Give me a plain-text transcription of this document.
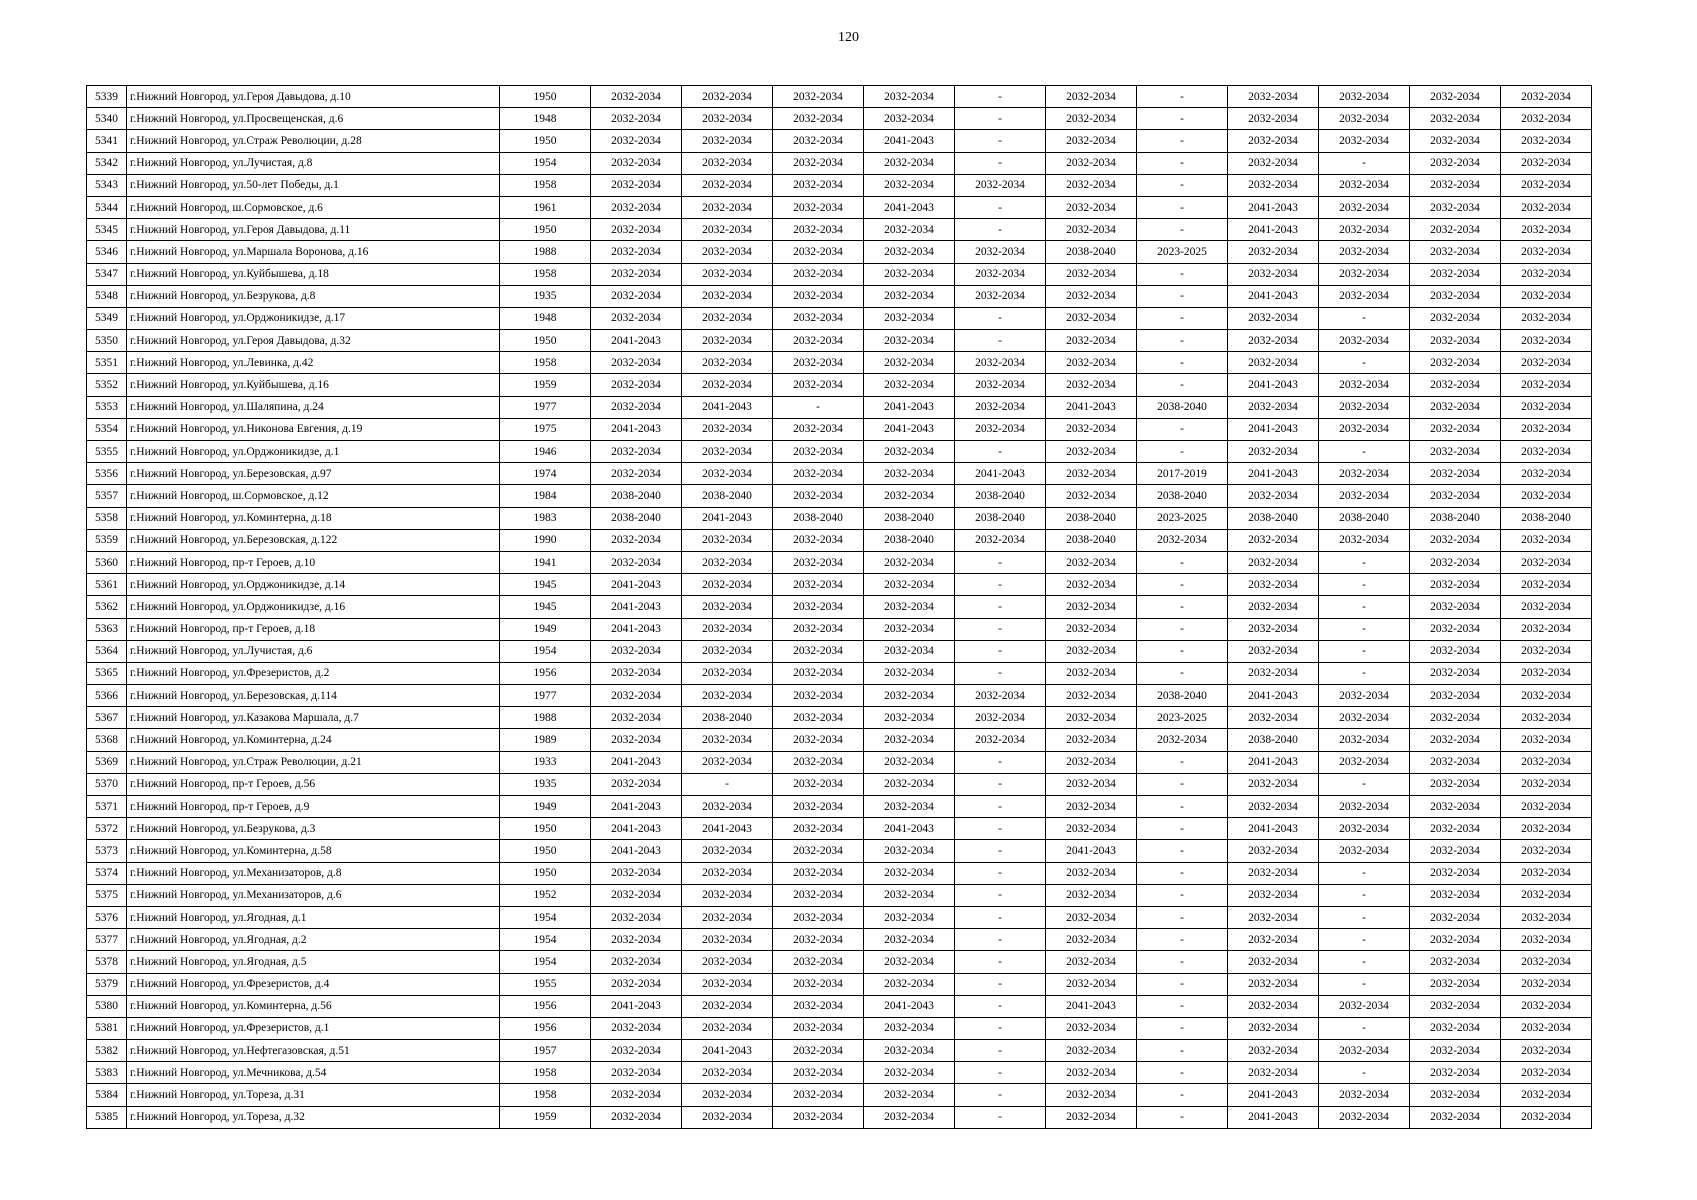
120
5339	г.Нижний Новгород, ул.Героя Давыдова, д.10	1950	2032-2034	2032-2034	2032-2034	2032-2034	-	2032-2034	-	2032-2034	2032-2034	2032-2034	2032-2034
5340	г.Нижний Новгород, ул.Просвещенская, д.6	1948	2032-2034	2032-2034	2032-2034	2032-2034	-	2032-2034	-	2032-2034	2032-2034	2032-2034	2032-2034
5341	г.Нижний Новгород, ул.Страж Революции, д.28	1950	2032-2034	2032-2034	2032-2034	2041-2043	-	2032-2034	-	2032-2034	2032-2034	2032-2034	2032-2034
5342	г.Нижний Новгород, ул.Лучистая, д.8	1954	2032-2034	2032-2034	2032-2034	2032-2034	-	2032-2034	-	2032-2034	-	2032-2034	2032-2034
5343	г.Нижний Новгород, ул.50-лет Победы, д.1	1958	2032-2034	2032-2034	2032-2034	2032-2034	2032-2034	2032-2034	-	2032-2034	2032-2034	2032-2034	2032-2034
5344	г.Нижний Новгород, ш.Сормовское, д.6	1961	2032-2034	2032-2034	2032-2034	2041-2043	-	2032-2034	-	2041-2043	2032-2034	2032-2034	2032-2034
5345	г.Нижний Новгород, ул.Героя Давыдова, д.11	1950	2032-2034	2032-2034	2032-2034	2032-2034	-	2032-2034	-	2041-2043	2032-2034	2032-2034	2032-2034
5346	г.Нижний Новгород, ул.Маршала Воронова, д.16	1988	2032-2034	2032-2034	2032-2034	2032-2034	2032-2034	2038-2040	2023-2025	2032-2034	2032-2034	2032-2034	2032-2034
5347	г.Нижний Новгород, ул.Куйбышева, д.18	1958	2032-2034	2032-2034	2032-2034	2032-2034	2032-2034	2032-2034	-	2032-2034	2032-2034	2032-2034	2032-2034
5348	г.Нижний Новгород, ул.Безрукова, д.8	1935	2032-2034	2032-2034	2032-2034	2032-2034	2032-2034	2032-2034	-	2041-2043	2032-2034	2032-2034	2032-2034
5349	г.Нижний Новгород, ул.Орджоникидзе, д.17	1948	2032-2034	2032-2034	2032-2034	2032-2034	-	2032-2034	-	2032-2034	-	2032-2034	2032-2034
5350	г.Нижний Новгород, ул.Героя Давыдова, д.32	1950	2041-2043	2032-2034	2032-2034	2032-2034	-	2032-2034	-	2032-2034	2032-2034	2032-2034	2032-2034
5351	г.Нижний Новгород, ул.Левинка, д.42	1958	2032-2034	2032-2034	2032-2034	2032-2034	2032-2034	2032-2034	-	2032-2034	-	2032-2034	2032-2034
5352	г.Нижний Новгород, ул.Куйбышева, д.16	1959	2032-2034	2032-2034	2032-2034	2032-2034	2032-2034	2032-2034	-	2041-2043	2032-2034	2032-2034	2032-2034
5353	г.Нижний Новгород, ул.Шаляпина, д.24	1977	2032-2034	2041-2043	-	2041-2043	2032-2034	2041-2043	2038-2040	2032-2034	2032-2034	2032-2034	2032-2034
5354	г.Нижний Новгород, ул.Никонова Евгения, д.19	1975	2041-2043	2032-2034	2032-2034	2041-2043	2032-2034	2032-2034	-	2041-2043	2032-2034	2032-2034	2032-2034
5355	г.Нижний Новгород, ул.Орджоникидзе, д.1	1946	2032-2034	2032-2034	2032-2034	2032-2034	-	2032-2034	-	2032-2034	-	2032-2034	2032-2034
5356	г.Нижний Новгород, ул.Березовская, д.97	1974	2032-2034	2032-2034	2032-2034	2032-2034	2041-2043	2032-2034	2017-2019	2041-2043	2032-2034	2032-2034	2032-2034
5357	г.Нижний Новгород, ш.Сормовское, д.12	1984	2038-2040	2038-2040	2032-2034	2032-2034	2038-2040	2032-2034	2038-2040	2032-2034	2032-2034	2032-2034	2032-2034
5358	г.Нижний Новгород, ул.Коминтерна, д.18	1983	2038-2040	2041-2043	2038-2040	2038-2040	2038-2040	2038-2040	2023-2025	2038-2040	2038-2040	2038-2040	2038-2040
5359	г.Нижний Новгород, ул.Березовская, д.122	1990	2032-2034	2032-2034	2032-2034	2038-2040	2032-2034	2038-2040	2032-2034	2032-2034	2032-2034	2032-2034	2032-2034
5360	г.Нижний Новгород, пр-т Героев, д.10	1941	2032-2034	2032-2034	2032-2034	2032-2034	-	2032-2034	-	2032-2034	-	2032-2034	2032-2034
5361	г.Нижний Новгород, ул.Орджоникидзе, д.14	1945	2041-2043	2032-2034	2032-2034	2032-2034	-	2032-2034	-	2032-2034	-	2032-2034	2032-2034
5362	г.Нижний Новгород, ул.Орджоникидзе, д.16	1945	2041-2043	2032-2034	2032-2034	2032-2034	-	2032-2034	-	2032-2034	-	2032-2034	2032-2034
5363	г.Нижний Новгород, пр-т Героев, д.18	1949	2041-2043	2032-2034	2032-2034	2032-2034	-	2032-2034	-	2032-2034	-	2032-2034	2032-2034
5364	г.Нижний Новгород, ул.Лучистая, д.6	1954	2032-2034	2032-2034	2032-2034	2032-2034	-	2032-2034	-	2032-2034	-	2032-2034	2032-2034
5365	г.Нижний Новгород, ул.Фрезеристов, д.2	1956	2032-2034	2032-2034	2032-2034	2032-2034	-	2032-2034	-	2032-2034	-	2032-2034	2032-2034
5366	г.Нижний Новгород, ул.Березовская, д.114	1977	2032-2034	2032-2034	2032-2034	2032-2034	2032-2034	2032-2034	2038-2040	2041-2043	2032-2034	2032-2034	2032-2034
5367	г.Нижний Новгород, ул.Казакова Маршала, д.7	1988	2032-2034	2038-2040	2032-2034	2032-2034	2032-2034	2032-2034	2023-2025	2032-2034	2032-2034	2032-2034	2032-2034
5368	г.Нижний Новгород, ул.Коминтерна, д.24	1989	2032-2034	2032-2034	2032-2034	2032-2034	2032-2034	2032-2034	2032-2034	2038-2040	2032-2034	2032-2034	2032-2034
5369	г.Нижний Новгород, ул.Страж Революции, д.21	1933	2041-2043	2032-2034	2032-2034	2032-2034	-	2032-2034	-	2041-2043	2032-2034	2032-2034	2032-2034
5370	г.Нижний Новгород, пр-т Героев, д.56	1935	2032-2034	-	2032-2034	2032-2034	-	2032-2034	-	2032-2034	-	2032-2034	2032-2034
5371	г.Нижний Новгород, пр-т Героев, д.9	1949	2041-2043	2032-2034	2032-2034	2032-2034	-	2032-2034	-	2032-2034	2032-2034	2032-2034	2032-2034
5372	г.Нижний Новгород, ул.Безрукова, д.3	1950	2041-2043	2041-2043	2032-2034	2041-2043	-	2032-2034	-	2041-2043	2032-2034	2032-2034	2032-2034
5373	г.Нижний Новгород, ул.Коминтерна, д.58	1950	2041-2043	2032-2034	2032-2034	2032-2034	-	2041-2043	-	2032-2034	2032-2034	2032-2034	2032-2034
5374	г.Нижний Новгород, ул.Механизаторов, д.8	1950	2032-2034	2032-2034	2032-2034	2032-2034	-	2032-2034	-	2032-2034	-	2032-2034	2032-2034
5375	г.Нижний Новгород, ул.Механизаторов, д.6	1952	2032-2034	2032-2034	2032-2034	2032-2034	-	2032-2034	-	2032-2034	-	2032-2034	2032-2034
5376	г.Нижний Новгород, ул.Ягодная, д.1	1954	2032-2034	2032-2034	2032-2034	2032-2034	-	2032-2034	-	2032-2034	-	2032-2034	2032-2034
5377	г.Нижний Новгород, ул.Ягодная, д.2	1954	2032-2034	2032-2034	2032-2034	2032-2034	-	2032-2034	-	2032-2034	-	2032-2034	2032-2034
5378	г.Нижний Новгород, ул.Ягодная, д.5	1954	2032-2034	2032-2034	2032-2034	2032-2034	-	2032-2034	-	2032-2034	-	2032-2034	2032-2034
5379	г.Нижний Новгород, ул.Фрезеристов, д.4	1955	2032-2034	2032-2034	2032-2034	2032-2034	-	2032-2034	-	2032-2034	-	2032-2034	2032-2034
5380	г.Нижний Новгород, ул.Коминтерна, д.56	1956	2041-2043	2032-2034	2032-2034	2041-2043	-	2041-2043	-	2032-2034	2032-2034	2032-2034	2032-2034
5381	г.Нижний Новгород, ул.Фрезеристов, д.1	1956	2032-2034	2032-2034	2032-2034	2032-2034	-	2032-2034	-	2032-2034	-	2032-2034	2032-2034
5382	г.Нижний Новгород, ул.Нефтегазовская, д.51	1957	2032-2034	2041-2043	2032-2034	2032-2034	-	2032-2034	-	2032-2034	2032-2034	2032-2034	2032-2034
5383	г.Нижний Новгород, ул.Мечникова, д.54	1958	2032-2034	2032-2034	2032-2034	2032-2034	-	2032-2034	-	2032-2034	-	2032-2034	2032-2034
5384	г.Нижний Новгород, ул.Тореза, д.31	1958	2032-2034	2032-2034	2032-2034	2032-2034	-	2032-2034	-	2041-2043	2032-2034	2032-2034	2032-2034
5385	г.Нижний Новгород, ул.Тореза, д.32	1959	2032-2034	2032-2034	2032-2034	2032-2034	-	2032-2034	-	2041-2043	2032-2034	2032-2034	2032-2034
